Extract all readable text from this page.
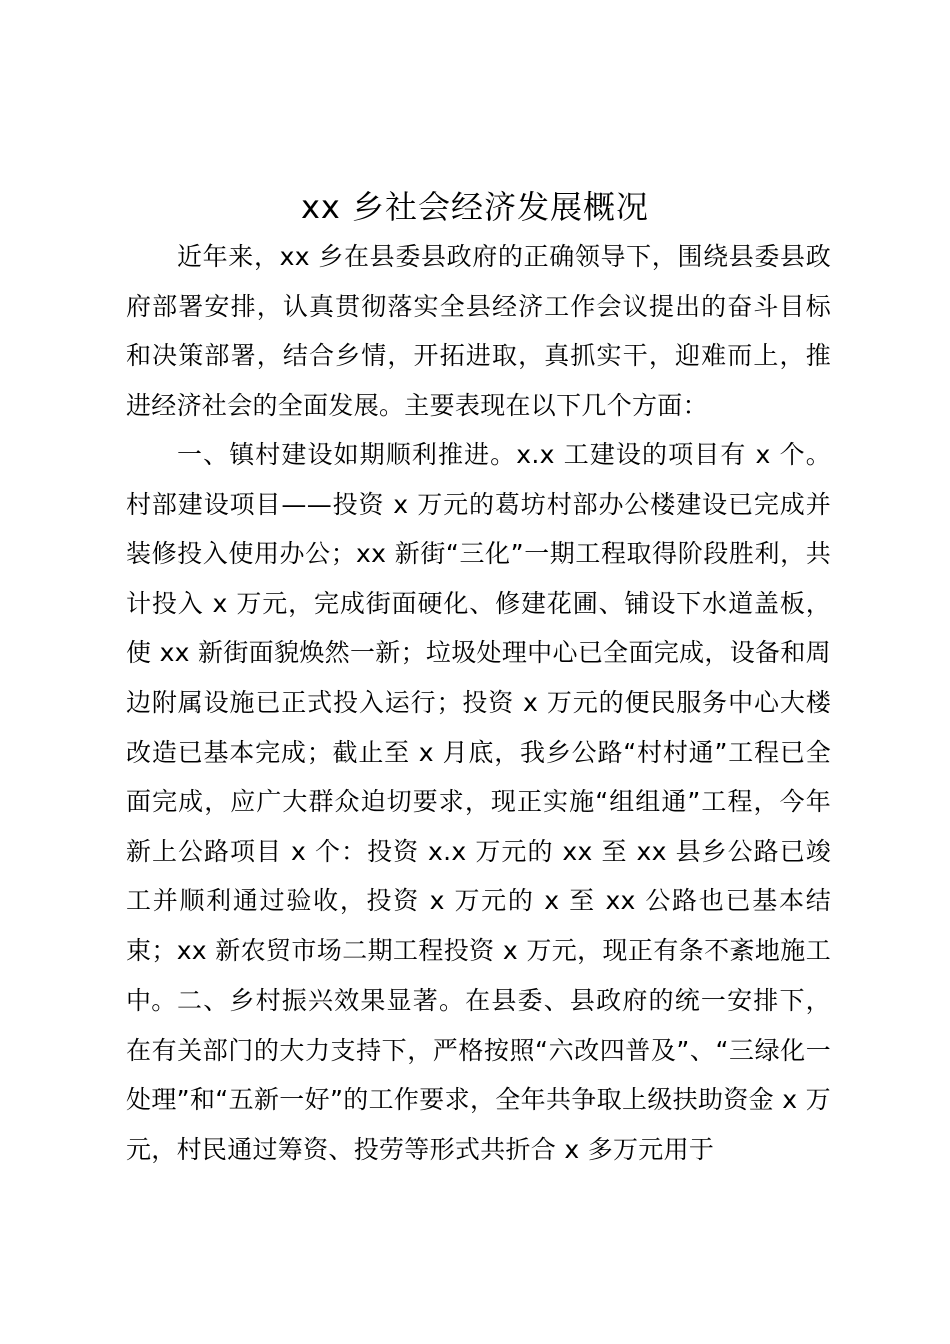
xx 乡社会经济发展概况

近年来，xx 乡在县委县政府的正确领导下，围绕县委县政府部署安排，认真贯彻落实全县经济工作会议提出的奋斗目标和决策部署，结合乡情，开拓进取，真抓实干，迎难而上，推进经济社会的全面发展。主要表现在以下几个方面：

一、镇村建设如期顺利推进。x.x 工建设的项目有 x 个。村部建设项目——投资 x 万元的葛坊村部办公楼建设已完成并装修投入使用办公；xx 新街“三化”一期工程取得阶段胜利，共计投入 x 万元，完成街面硬化、修建花圃、铺设下水道盖板，使 xx 新街面貌焕然一新；垃圾处理中心已全面完成，设备和周边附属设施已正式投入运行；投资 x 万元的便民服务中心大楼改造已基本完成；截止至 x 月底，我乡公路“村村通”工程已全面完成，应广大群众迫切要求，现正实施“组组通”工程，今年新上公路项目 x 个：投资 x.x 万元的 xx 至 xx 县乡公路已竣工并顺利通过验收，投资 x 万元的 x 至 xx 公路也已基本结束；xx 新农贸市场二期工程投资 x 万元，现正有条不紊地施工中。 二、乡村振兴效果显著。在县委、县政府的统一安排下，在有关部门的大力支持下，严格按照“六改四普及”、“三绿化一处理”和“五新一好”的工作要求，全年共争取上级扶助资金 x 万元，村民通过筹资、投劳等形式共折合 x 多万元用于
